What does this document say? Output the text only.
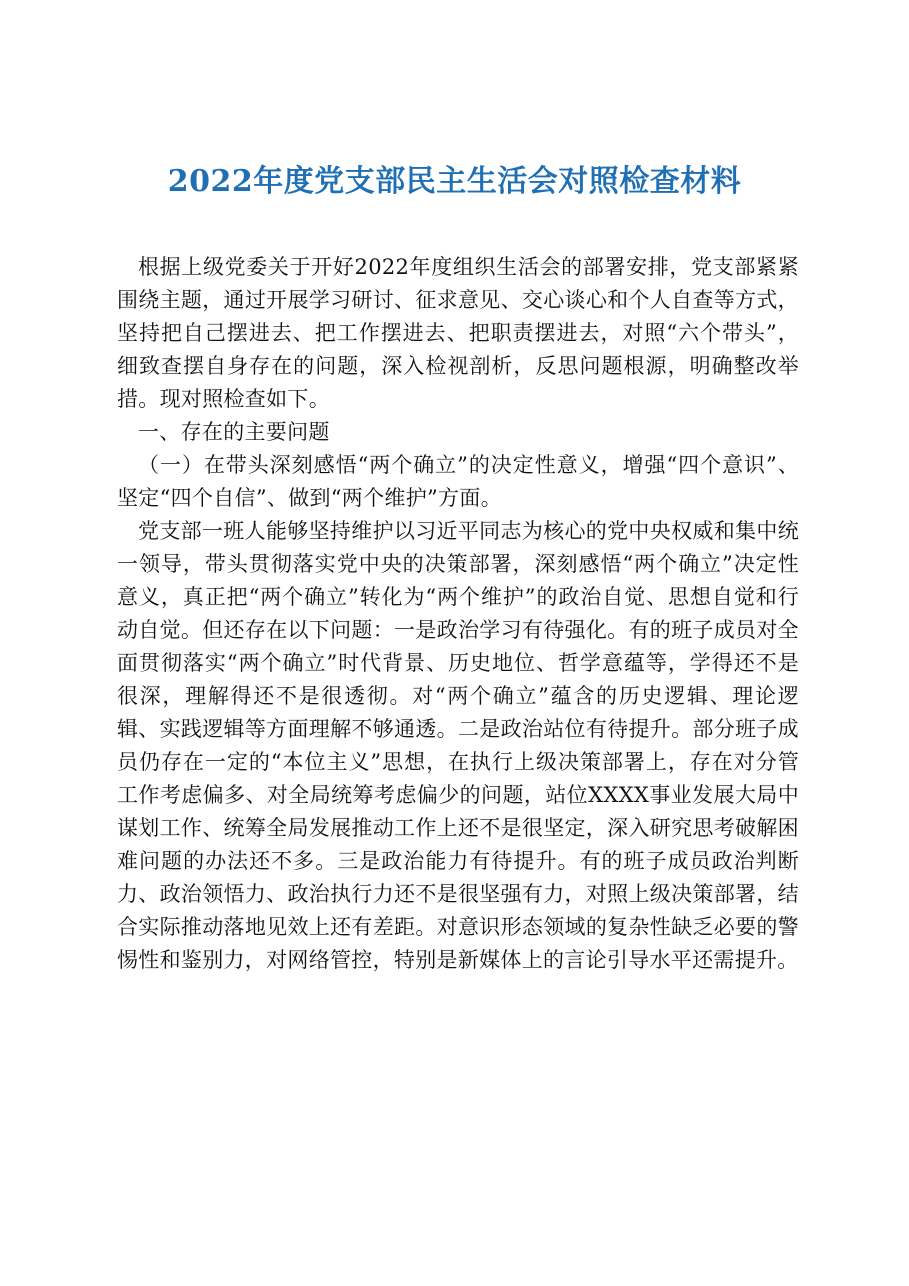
2022年度党支部民主生活会对照检查材料

根据上级党委关于开好2022年度组织生活会的部署安排，党支部紧紧围绕主题，通过开展学习研讨、征求意见、交心谈心和个人自查等方式，坚持把自己摆进去、把工作摆进去、把职责摆进去，对照“六个带头”，细致查摆自身存在的问题，深入检视剖析，反思问题根源，明确整改举措。现对照检查如下。

一、存在的主要问题

（一）在带头深刻感悟“两个确立”的决定性意义，增强“四个意识”、坚定“四个自信”、做到“两个维护”方面。

党支部一班人能够坚持维护以习近平同志为核心的党中央权威和集中统一领导，带头贯彻落实党中央的决策部署，深刻感悟“两个确立”决定性意义，真正把“两个确立”转化为“两个维护”的政治自觉、思想自觉和行动自觉。但还存在以下问题：一是政治学习有待强化。有的班子成员对全面贯彻落实“两个确立”时代背景、历史地位、哲学意蕴等，学得还不是很深，理解得还不是很透彻。对“两个确立”蕴含的历史逻辑、理论逻辑、实践逻辑等方面理解不够通透。二是政治站位有待提升。部分班子成员仍存在一定的“本位主义”思想，在执行上级决策部署上，存在对分管工作考虑偏多、对全局统筹考虑偏少的问题，站位XXXX事业发展大局中谋划工作、统筹全局发展推动工作上还不是很坚定，深入研究思考破解困难问题的办法还不多。三是政治能力有待提升。有的班子成员政治判断力、政治领悟力、政治执行力还不是很坚强有力，对照上级决策部署，结合实际推动落地见效上还有差距。对意识形态领域的复杂性缺乏必要的警惕性和鉴别力，对网络管控，特别是新媒体上的言论引导水平还需提升。
